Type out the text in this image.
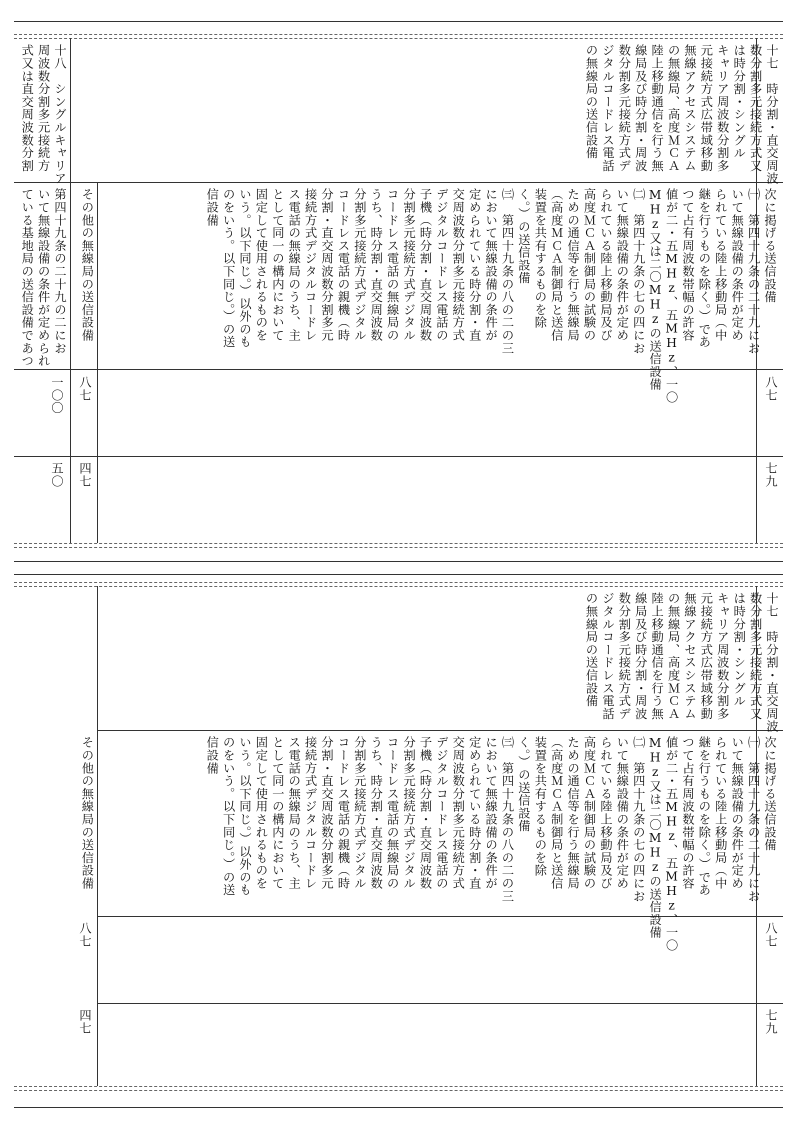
十七　時分割・直交周波
数分割多元接続方式又
は時分割・シングル
キャリア周波数分割多
元接続方式広帯域移動
無線アクセスシステム
の無線局、高度ＭＣＡ
陸上移動通信を行う無
線局及び時分割・周波
数分割多元接続方式デ
ジタルコードレス電話
の無線局の送信設備
次に掲げる送信設備
㈠　第四十九条の二十九にお
いて無線設備の条件が定め
られている陸上移動局（中
継を行うものを除く。）であ
つて占有周波数帯幅の許容
値が二・五MHz、五MHz、一〇
MHz又は二〇MHzの送信設備
㈡　第四十九条の七の四にお
いて無線設備の条件が定め
られている陸上移動局及び
高度ＭＣＡ制御局の試験の
ための通信等を行う無線局
（高度ＭＣＡ制御局と送信
装置を共有するものを除
く。）の送信設備
㈢　第四十九条の八の二の三
において無線設備の条件が
定められている時分割・直
交周波数分割多元接続方式
デジタルコードレス電話の
子機（時分割・直交周波数
分割多元接続方式デジタル
コードレス電話の無線局の
うち、時分割・直交周波数
分割多元接続方式デジタル
コードレス電話の親機（時
分割・直交周波数分割多元
接続方式デジタルコードレ
ス電話の無線局のうち、主
として同一の構内において
固定して使用されるものを
いう。以下同じ。）以外のも
のをいう。以下同じ。）の送
信設備
その他の無線局の送信設備
十八　シングルキャリア
周波数分割多元接続方
式又は直交周波数分割
第四十九条の二十九の二にお
いて無線設備の条件が定められ
ている基地局の送信設備であつ
八七
八七
一〇〇
七九
四七
五〇
十七　時分割・直交周波
数分割多元接続方式又
は時分割・シングル
キャリア周波数分割多
元接続方式広帯域移動
無線アクセスシステム
の無線局、高度ＭＣＡ
陸上移動通信を行う無
線局及び時分割・周波
数分割多元接続方式デ
ジタルコードレス電話
の無線局の送信設備
次に掲げる送信設備
㈠　第四十九条の二十九にお
いて無線設備の条件が定め
られている陸上移動局（中
継を行うものを除く。）であ
つて占有周波数帯幅の許容
値が二・五MHz、五MHz、一〇
MHz又は二〇MHzの送信設備
㈡　第四十九条の七の四にお
いて無線設備の条件が定め
られている陸上移動局及び
高度ＭＣＡ制御局の試験の
ための通信等を行う無線局
（高度ＭＣＡ制御局と送信
装置を共有するものを除
く。）の送信設備
㈢　第四十九条の八の二の三
において無線設備の条件が
定められている時分割・直
交周波数分割多元接続方式
デジタルコードレス電話の
子機（時分割・直交周波数
分割多元接続方式デジタル
コードレス電話の無線局の
うち、時分割・直交周波数
分割多元接続方式デジタル
コードレス電話の親機（時
分割・直交周波数分割多元
接続方式デジタルコードレ
ス電話の無線局のうち、主
として同一の構内において
固定して使用されるものを
いう。以下同じ。）以外のも
のをいう。以下同じ。）の送
信設備
その他の無線局の送信設備
八七
八七
七九
四七
